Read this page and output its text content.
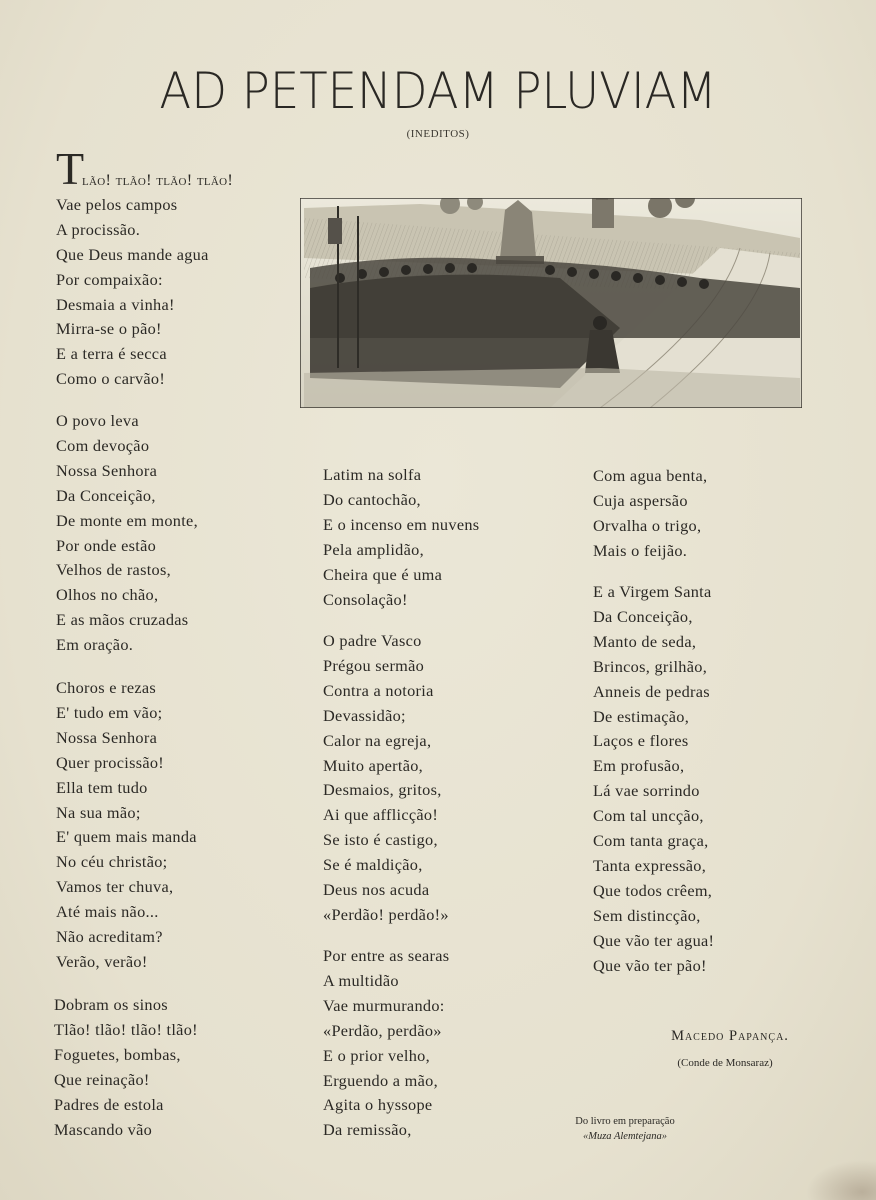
AD PETENDAM PLUVIAM
(INEDITOS)
T
lão! tlão! tlão! tlão!
Vae pelos campos
A procissão.
Que Deus mande agua
Por compaixão:
Desmaia a vinha!
Mirra-se o pão!
E a terra é secca
Como o carvão!
O povo leva
Com devoção
Nossa Senhora
Da Conceição,
De monte em monte,
Por onde estão
Velhos de rastos,
Olhos no chão,
E as mãos cruzadas
Em oração.
Choros e rezas
E' tudo em vão;
Nossa Senhora
Quer procissão!
Ella tem tudo
Na sua mão;
E' quem mais manda
No céu christão;
Vamos ter chuva,
Até mais não...
Não acreditam?
Verão, verão!
Dobram os sinos
Tlão! tlão! tlão! tlão!
Foguetes, bombas,
Que reinação!
Padres de estola
Mascando vão
Latim na solfa
Do cantochão,
E o incenso em nuvens
Pela amplidão,
Cheira que é uma
Consolação!
O padre Vasco
Prégou sermão
Contra a notoria
Devassidão;
Calor na egreja,
Muito apertão,
Desmaios, gritos,
Ai que afflicção!
Se isto é castigo,
Se é maldição,
Deus nos acuda
«Perdão! perdão!»
Por entre as searas
A multidão
Vae murmurando:
«Perdão, perdão»
E o prior velho,
Erguendo a mão,
Agita o hyssope
Da remissão,
Com agua benta,
Cuja aspersão
Orvalha o trigo,
Mais o feijão.
E a Virgem Santa
Da Conceição,
Manto de seda,
Brincos, grilhão,
Anneis de pedras
De estimação,
Laços e flores
Em profusão,
Lá vae sorrindo
Com tal uncção,
Com tanta graça,
Tanta expressão,
Que todos crêem,
Sem distincção,
Que vão ter agua!
Que vão ter pão!
Macedo Papança.
(Conde de Monsaraz)
Do livro em preparação
«Muza Alemtejana»
